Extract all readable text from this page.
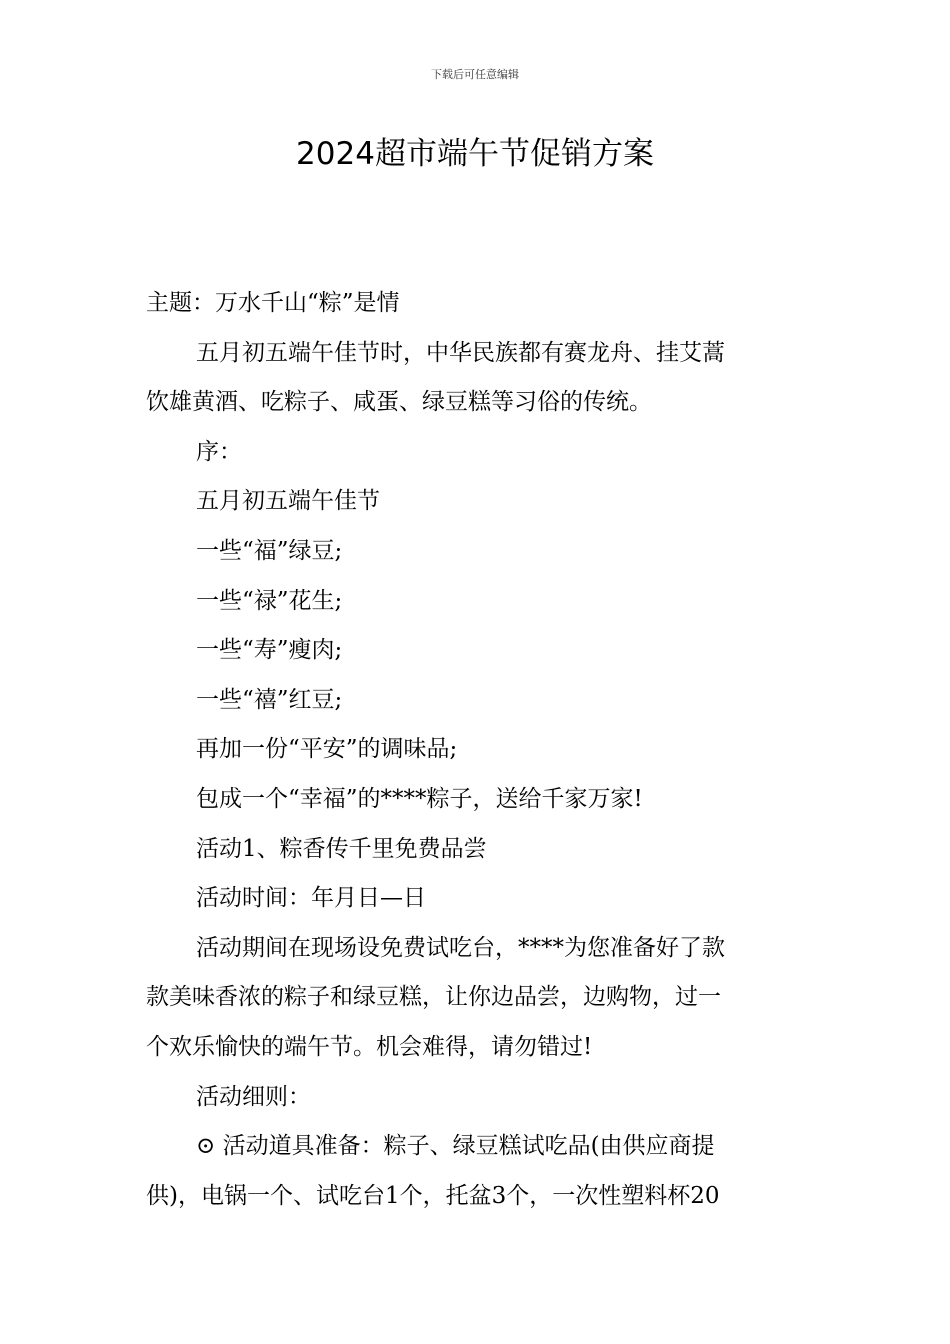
下载后可任意编辑
2024超市端午节促销方案

主题：万水千山“粽”是情

五月初五端午佳节时，中华民族都有赛龙舟、挂艾蒿

饮雄黄酒、吃粽子、咸蛋、绿豆糕等习俗的传统。

序：

五月初五端午佳节

一些“福”绿豆;

一些“禄”花生;

一些“寿”瘦肉;

一些“禧”红豆;

再加一份“平安”的调味品;

包成一个“幸福”的****粽子，送给千家万家!

活动1、粽香传千里免费品尝

活动时间：年月日—日

活动期间在现场设免费试吃台，****为您准备好了款

款美味香浓的粽子和绿豆糕，让你边品尝，边购物，过一

个欢乐愉快的端午节。机会难得，请勿错过!

活动细则：

⊙ 活动道具准备：粽子、绿豆糕试吃品(由供应商提

供)，电锅一个、试吃台1个，托盆3个，一次性塑料杯20
